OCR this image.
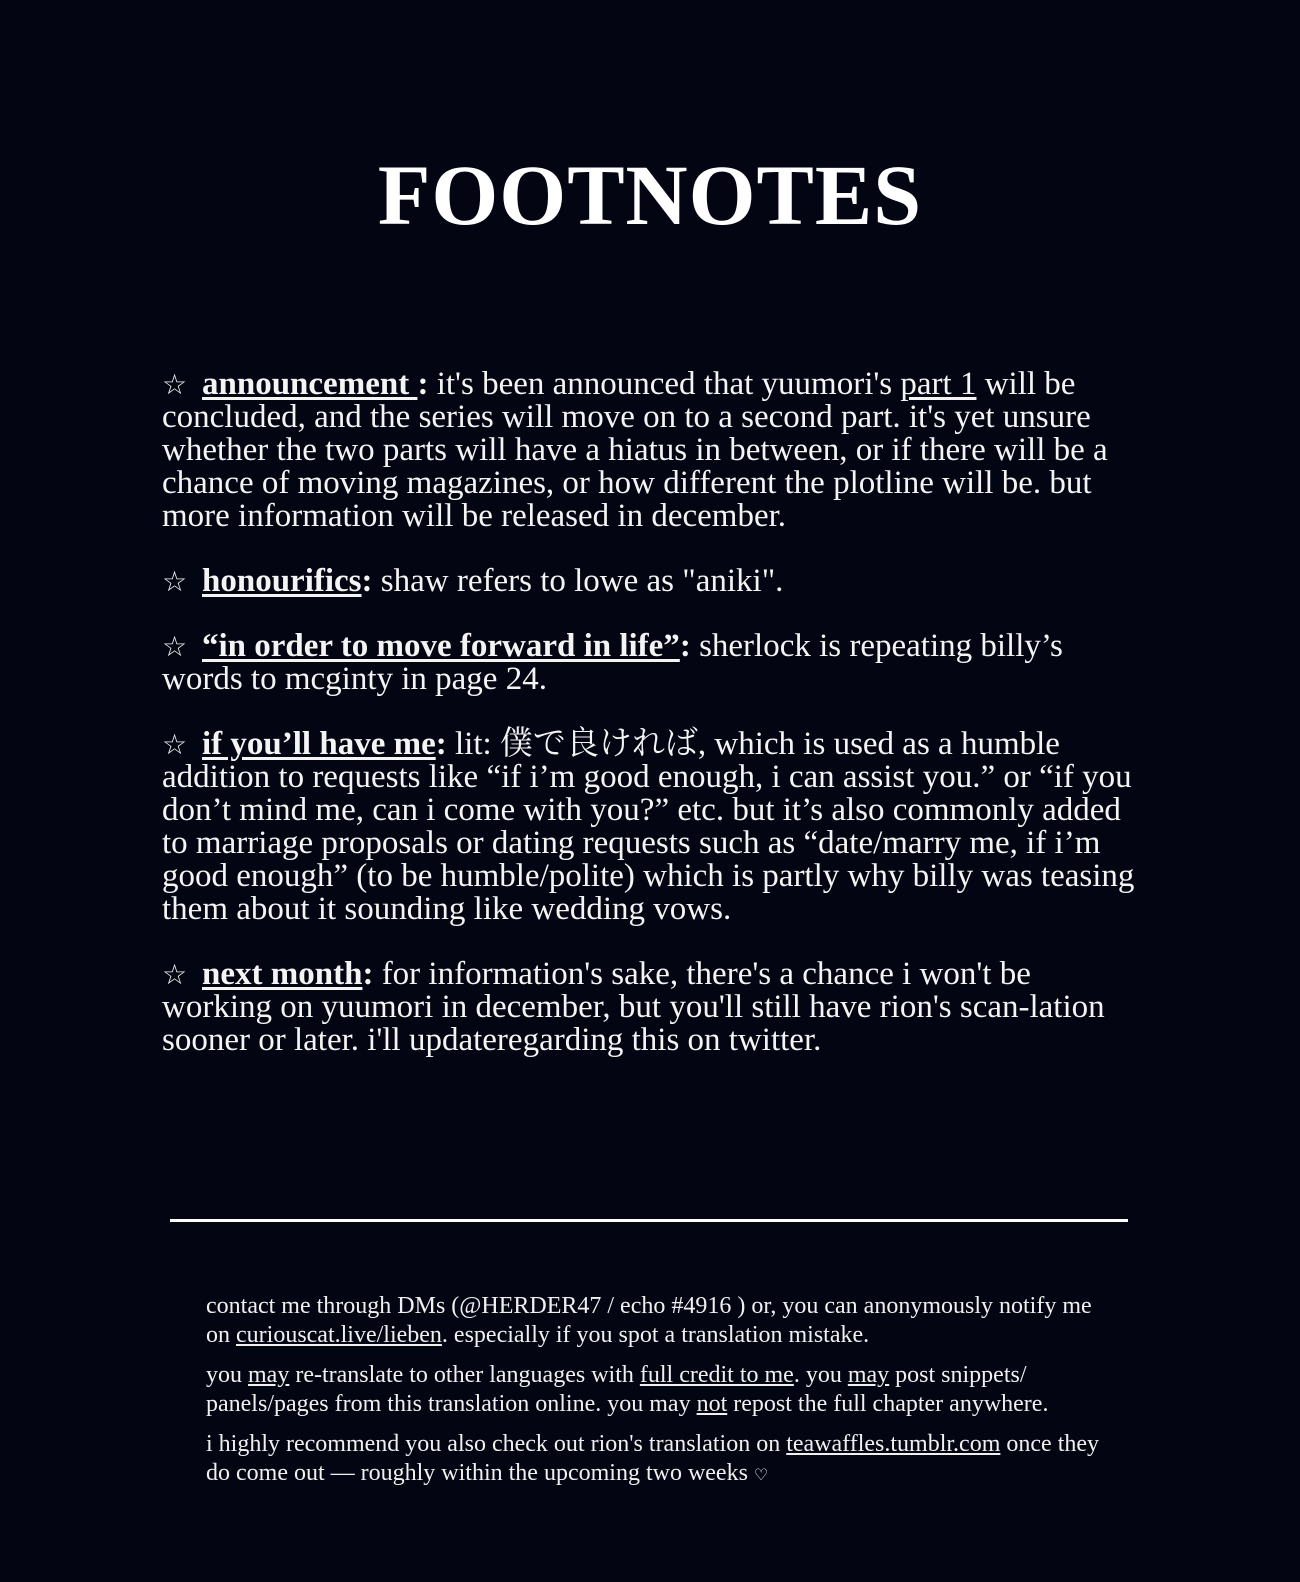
FOOTNOTES

☆ announcement : it's been announced that yuumori's part 1 will be concluded, and the series will move on to a second part. it's yet unsure whether the two parts will have a hiatus in between, or if there will be a chance of moving magazines, or how different the plotline will be. but more information will be released in december.

☆ honourifics: shaw refers to lowe as "aniki".

☆ “in order to move forward in life”: sherlock is repeating billy’s words to mcginty in page 24.

☆ if you’ll have me: lit: 僕で良ければ, which is used as a humble addition to requests like “if i’m good enough, i can assist you.” or “if you don’t mind me, can i come with you?” etc. but it’s also commonly added to marriage proposals or dating requests such as “date/marry me, if i’m good enough” (to be humble/polite) which is partly why billy was teasing them about it sounding like wedding vows.

☆ next month: for information's sake, there's a chance i won't be working on yuumori in december, but you'll still have rion's scan-lation sooner or later. i'll updateregarding this on twitter.

contact me through DMs (@HERDER47 / echo #4916 ) or, you can anonymously notify me on curiouscat.live/lieben. especially if you spot a translation mistake.

you may re-translate to other languages with full credit to me. you may post snippets/ panels/pages from this translation online. you may not repost the full chapter anywhere.

i highly recommend you also check out rion's translation on teawaffles.tumblr.com once they do come out — roughly within the upcoming two weeks ♡
